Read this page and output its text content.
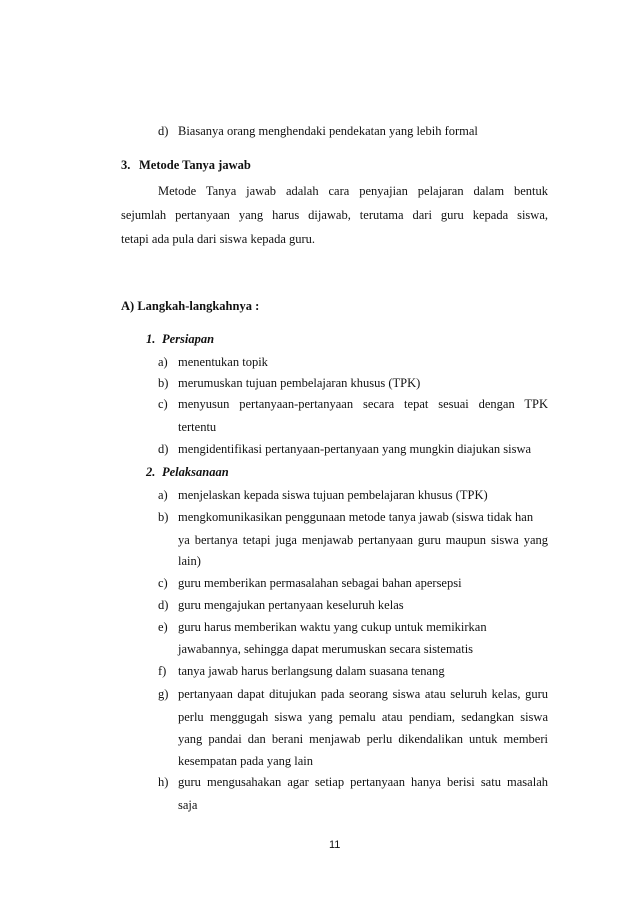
d) Biasanya orang menghendaki pendekatan yang lebih formal
3. Metode Tanya jawab
Metode Tanya jawab adalah cara penyajian pelajaran dalam bentuk
sejumlah pertanyaan yang harus dijawab, terutama dari guru kepada siswa,
tetapi ada pula dari siswa kepada guru.
A) Langkah-langkahnya :
1. Persiapan
a) menentukan topik
b) merumuskan tujuan pembelajaran khusus (TPK)
c) menyusun pertanyaan-pertanyaan secara tepat sesuai dengan TPK
tertentu
d) mengidentifikasi pertanyaan-pertanyaan yang mungkin diajukan siswa
2. Pelaksanaan
a) menjelaskan kepada siswa tujuan pembelajaran khusus (TPK)
b) mengkomunikasikan penggunaan metode tanya jawab (siswa tidak han
ya bertanya tetapi juga menjawab pertanyaan guru maupun siswa yang
lain)
c) guru memberikan permasalahan sebagai bahan apersepsi
d) guru mengajukan pertanyaan keseluruh kelas
e) guru harus memberikan waktu yang cukup untuk memikirkan
jawabannya, sehingga dapat merumuskan secara sistematis
f) tanya jawab harus berlangsung dalam suasana tenang
g) pertanyaan dapat ditujukan pada seorang siswa atau seluruh kelas, guru
perlu menggugah siswa yang pemalu atau pendiam, sedangkan siswa
yang pandai dan berani menjawab perlu dikendalikan untuk memberi
kesempatan pada yang lain
h) guru mengusahakan agar setiap pertanyaan hanya berisi satu masalah
saja
11
